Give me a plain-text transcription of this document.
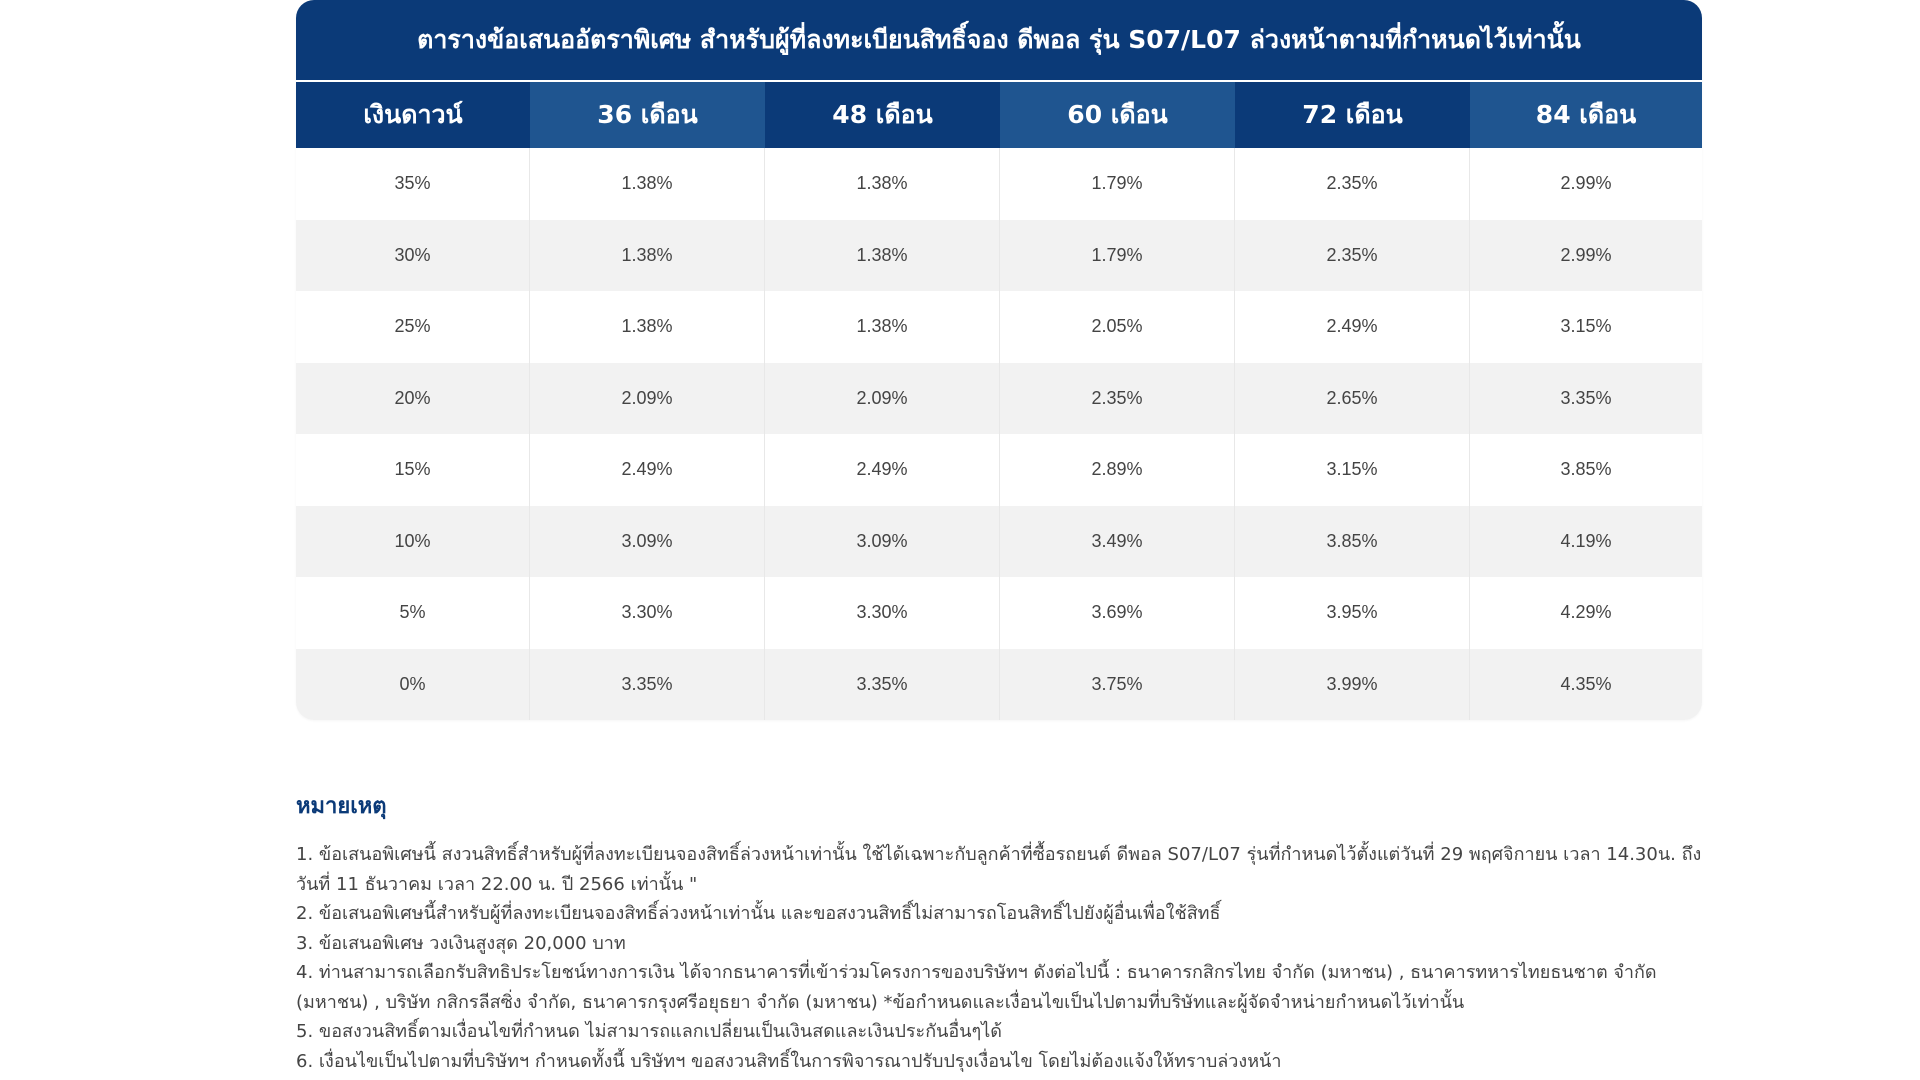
ตารางข้อเสนออัตราพิเศษ สำหรับผู้ที่ลงทะเบียนสิทธิ์จอง ดีพอล รุ่น S07/L07 ล่วงหน้าตามที่กำหนดไว้เท่านั้น
เงินดาวน์	36 เดือน	48 เดือน	60 เดือน	72 เดือน	84 เดือน
35%	1.38%	1.38%	1.79%	2.35%	2.99%
30%	1.38%	1.38%	1.79%	2.35%	2.99%
25%	1.38%	1.38%	2.05%	2.49%	3.15%
20%	2.09%	2.09%	2.35%	2.65%	3.35%
15%	2.49%	2.49%	2.89%	3.15%	3.85%
10%	3.09%	3.09%	3.49%	3.85%	4.19%
5%	3.30%	3.30%	3.69%	3.95%	4.29%
0%	3.35%	3.35%	3.75%	3.99%	4.35%
หมายเหตุ
1. ข้อเสนอพิเศษนี้ สงวนสิทธิ์สำหรับผู้ที่ลงทะเบียนจองสิทธิ์ล่วงหน้าเท่านั้น ใช้ได้เฉพาะกับลูกค้าที่ซื้อรถยนต์ ดีพอล S07/L07 รุ่นที่กำหนดไว้ตั้งแต่วันที่ 29 พฤศจิกายน เวลา 14.30น. ถึงวันที่ 11 ธันวาคม เวลา 22.00 น. ปี 2566 เท่านั้น "
2. ข้อเสนอพิเศษนี้สำหรับผู้ที่ลงทะเบียนจองสิทธิ์ล่วงหน้าเท่านั้น และขอสงวนสิทธิ์ไม่สามารถโอนสิทธิ์ไปยังผู้อื่นเพื่อใช้สิทธิ์
3. ข้อเสนอพิเศษ วงเงินสูงสุด 20,000 บาท
4. ท่านสามารถเลือกรับสิทธิประโยชน์ทางการเงิน ได้จากธนาคารที่เข้าร่วมโครงการของบริษัทฯ ดังต่อไปนี้ : ธนาคารกสิกรไทย จำกัด (มหาชน) , ธนาคารทหารไทยธนชาต จำกัด (มหาชน) , บริษัท กสิกรลีสซิ่ง จำกัด, ธนาคารกรุงศรีอยุธยา จำกัด (มหาชน) *ข้อกำหนดและเงื่อนไขเป็นไปตามที่บริษัทและผู้จัดจำหน่ายกำหนดไว้เท่านั้น
5. ขอสงวนสิทธิ์ตามเงื่อนไขที่กำหนด ไม่สามารถแลกเปลี่ยนเป็นเงินสดและเงินประกันอื่นๆได้
6. เงื่อนไขเป็นไปตามที่บริษัทฯ กำหนดทั้งนี้ บริษัทฯ ขอสงวนสิทธิ์ในการพิจารณาปรับปรุงเงื่อนไข โดยไม่ต้องแจ้งให้ทราบล่วงหน้า
